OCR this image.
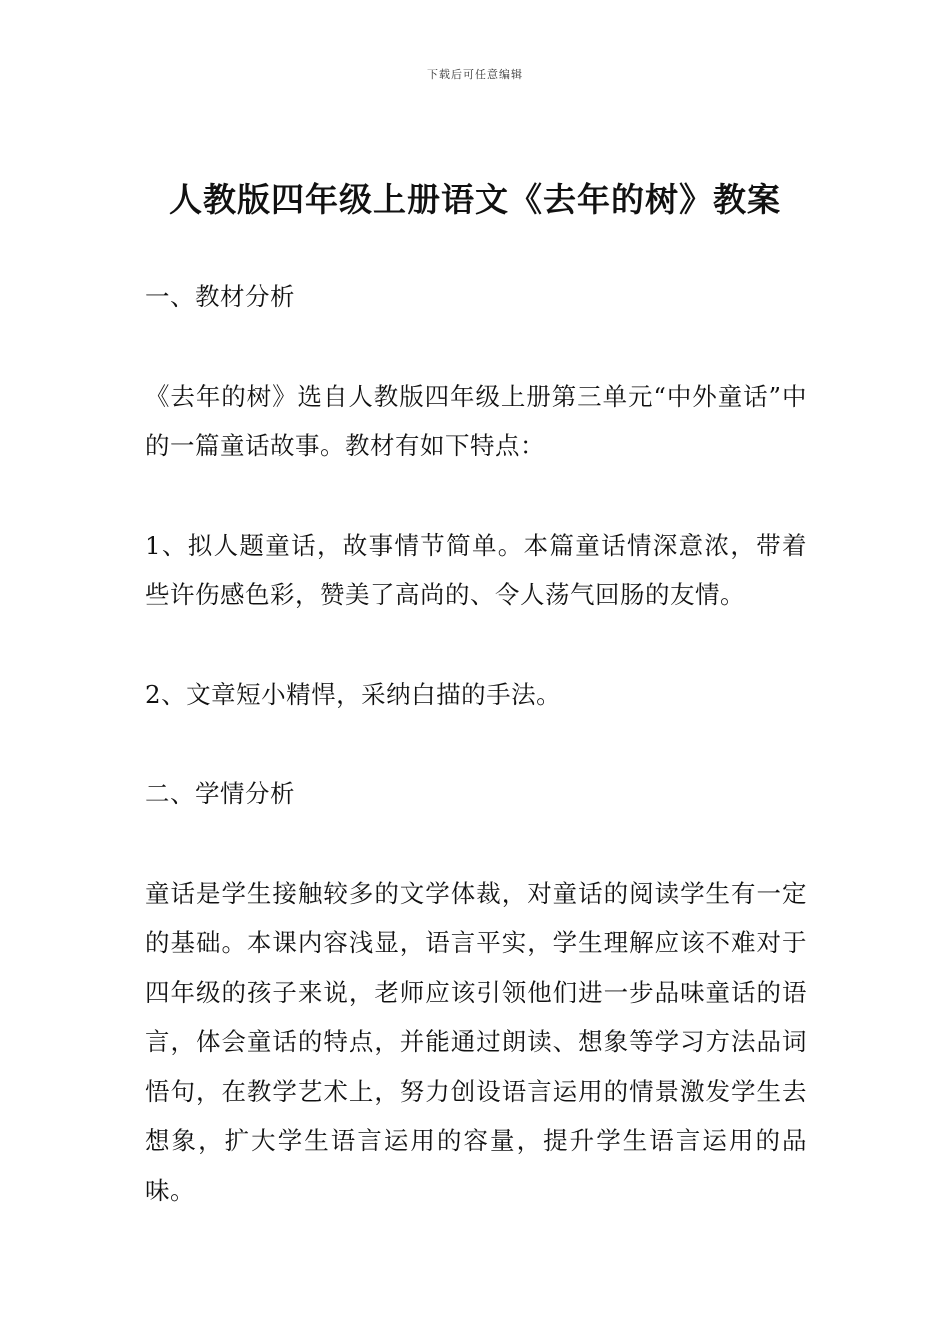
下载后可任意编辑
人教版四年级上册语文《去年的树》教案

一、教材分析

《去年的树》选自人教版四年级上册第三单元“中外童话”中的一篇童话故事。教材有如下特点：

1、拟人题童话，故事情节简单。本篇童话情深意浓，带着些许伤感色彩，赞美了高尚的、令人荡气回肠的友情。

2、文章短小精悍，采纳白描的手法。

二、学情分析

童话是学生接触较多的文学体裁，对童话的阅读学生有一定的基础。本课内容浅显，语言平实，学生理解应该不难对于四年级的孩子来说，老师应该引领他们进一步品味童话的语言，体会童话的特点，并能通过朗读、想象等学习方法品词悟句，在教学艺术上，努力创设语言运用的情景激发学生去想象，扩大学生语言运用的容量，提升学生语言运用的品味。
